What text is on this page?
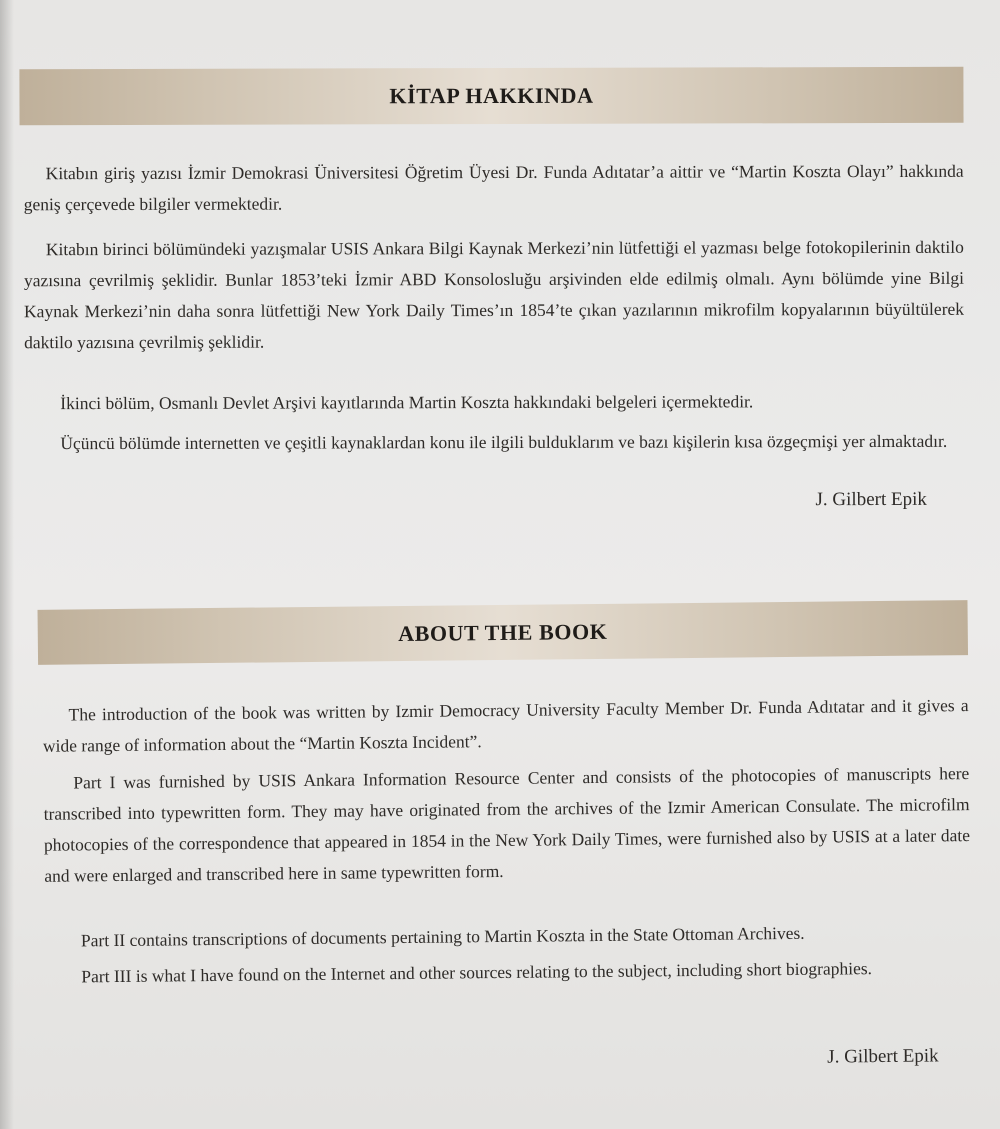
KİTAP HAKKINDA

Kitabın giriş yazısı İzmir Demokrasi Üniversitesi Öğretim Üyesi Dr. Funda Adıtatar’a aittir ve “Martin Koszta Olayı” hakkında geniş çerçevede bilgiler vermektedir.

Kitabın birinci bölümündeki yazışmalar USIS Ankara Bilgi Kaynak Merkezi’nin lütfettiği el yazması belge fotokopilerinin daktilo yazısına çevrilmiş şeklidir. Bunlar 1853’teki İzmir ABD Konsolosluğu arşivinden elde edilmiş olmalı. Aynı bölümde yine Bilgi Kaynak Merkezi’nin daha sonra lütfettiği New York Daily Times’ın 1854’te çıkan yazılarının mikrofilm kopyalarının büyültülerek daktilo yazısına çevrilmiş şeklidir.

İkinci bölüm, Osmanlı Devlet Arşivi kayıtlarında Martin Koszta hakkındaki belgeleri içermektedir.

Üçüncü bölümde internetten ve çeşitli kaynaklardan konu ile ilgili bulduklarım ve bazı kişilerin kısa özgeçmişi yer almaktadır.

J. Gilbert Epik
ABOUT THE BOOK

The introduction of the book was written by Izmir Democracy University Faculty Member Dr. Funda Adıtatar and it gives a wide range of information about the “Martin Koszta Incident”.

Part I was furnished by USIS Ankara Information Resource Center and consists of the photocopies of manuscripts here transcribed into typewritten form. They may have originated from the archives of the Izmir American Consulate. The microfilm photocopies of the correspondence that appeared in 1854 in the New York Daily Times, were furnished also by USIS at a later date and were enlarged and transcribed here in same typewritten form.

Part II contains transcriptions of documents pertaining to Martin Koszta in the State Ottoman Archives.

Part III is what I have found on the Internet and other sources relating to the subject, including short biographies.

J. Gilbert Epik
